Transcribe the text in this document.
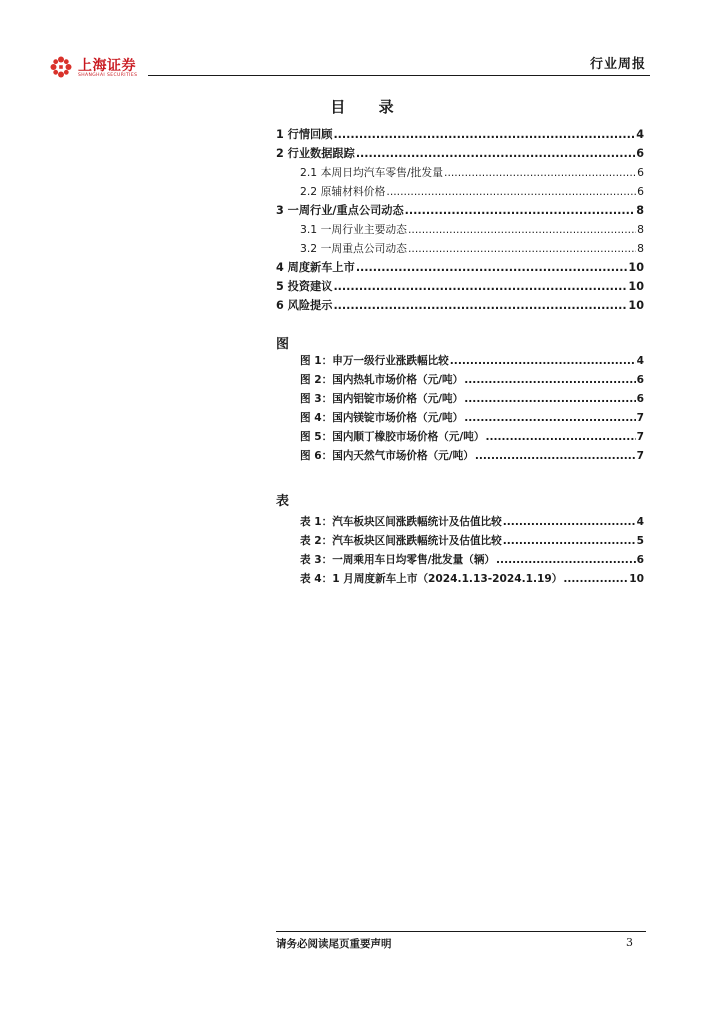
上海证券
SHANGHAI SECURITIES
行业周报
目 录
1 行情回顾 .....	4
2 行业数据跟踪 .....	6
2.1 本周日均汽车零售/批发量 .....	6
2.2 原辅材料价格 .....	6
3 一周行业/重点公司动态 .....	8
3.1 一周行业主要动态 .....	8
3.2 一周重点公司动态 .....	8
4 周度新车上市 .....	10
5 投资建议 .....	10
6 风险提示 .....	10
图
图 1：申万一级行业涨跌幅比较 .....	4
图 2：国内热轧市场价格（元/吨） .....	6
图 3：国内铝锭市场价格（元/吨） .....	6
图 4：国内镁锭市场价格（元/吨） .....	7
图 5：国内顺丁橡胶市场价格（元/吨） .....	7
图 6：国内天然气市场价格（元/吨） .....	7
表
表 1：汽车板块区间涨跌幅统计及估值比较 .....	4
表 2：汽车板块区间涨跌幅统计及估值比较 .....	5
表 3：一周乘用车日均零售/批发量（辆） .....	6
表 4：1 月周度新车上市（2024.1.13-2024.1.19） .....	10
请务必阅读尾页重要声明	3
